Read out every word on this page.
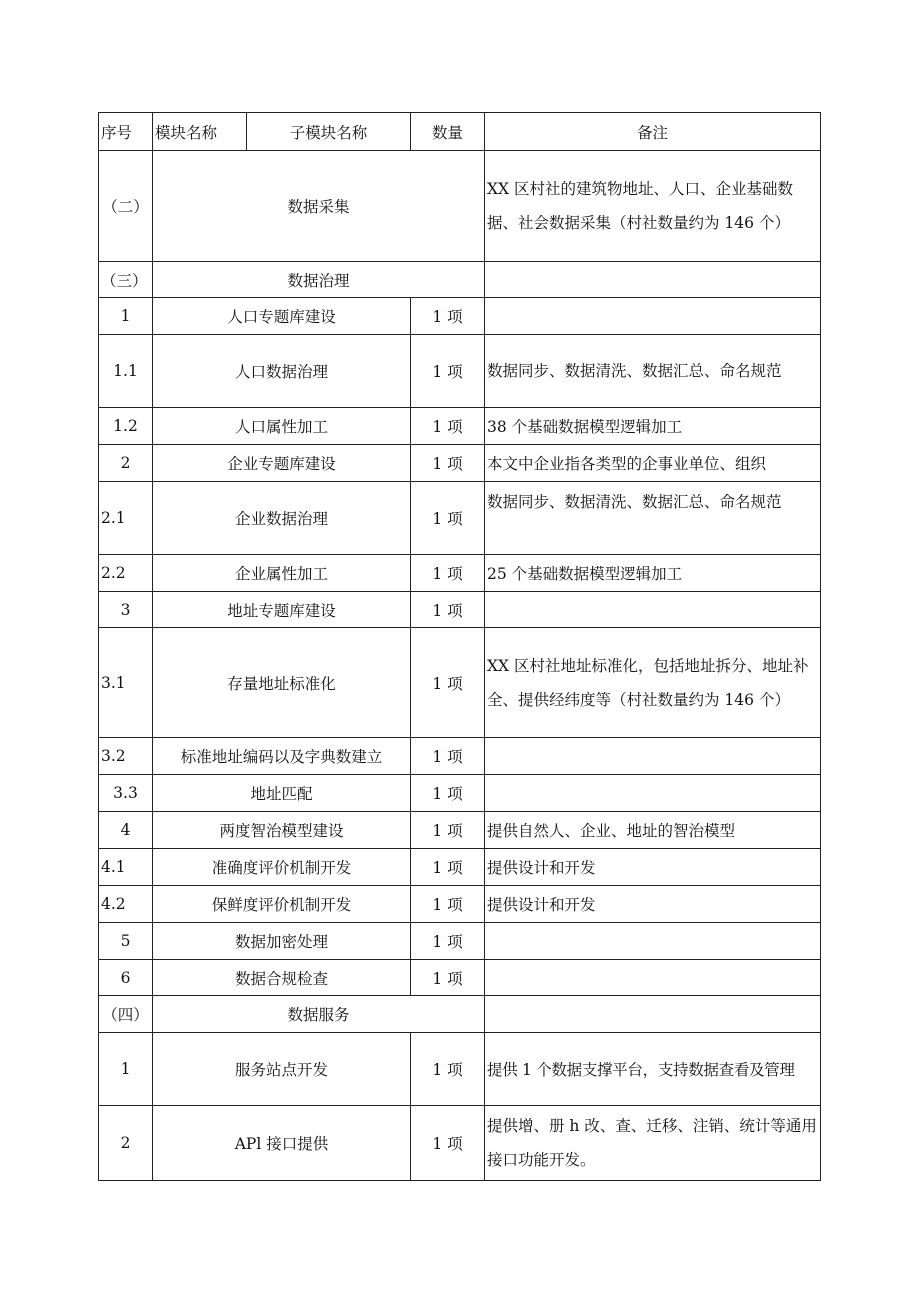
序号	模块名称	子模块名称	数量	备注
（二）	数据采集			XX 区村社的建筑物地址、人口、企业基础数据、社会数据采集（村社数量约为 146 个）
（三）	数据治理			
1	人口专题库建设		1 项	
1.1	人口数据治理		1 项	数据同步、数据清洗、数据汇总、命名规范
1.2	人口属性加工		1 项	38 个基础数据模型逻辑加工
2	企业专题库建设		1 项	本文中企业指各类型的企事业单位、组织
2.1	企业数据治理		1 项	数据同步、数据清洗、数据汇总、命名规范
2.2	企业属性加工		1 项	25 个基础数据模型逻辑加工
3	地址专题库建设		1 项	
3.1	存量地址标准化		1 项	XX 区村社地址标准化，包括地址拆分、地址补全、提供经纬度等（村社数量约为 146 个）
3.2	标准地址编码以及字典数建立		1 项	
3.3	地址匹配		1 项	
4	两度智治模型建设		1 项	提供自然人、企业、地址的智治模型
4.1	准确度评价机制开发		1 项	提供设计和开发
4.2	保鲜度评价机制开发		1 项	提供设计和开发
5	数据加密处理		1 项	
6	数据合规检查		1 项	
（四）	数据服务			
1	服务站点开发		1 项	提供 1 个数据支撑平台，支持数据查看及管理
2	APl 接口提供		1 项	提供增、册 h 改、查、迁移、注销、统计等通用接口功能开发。
